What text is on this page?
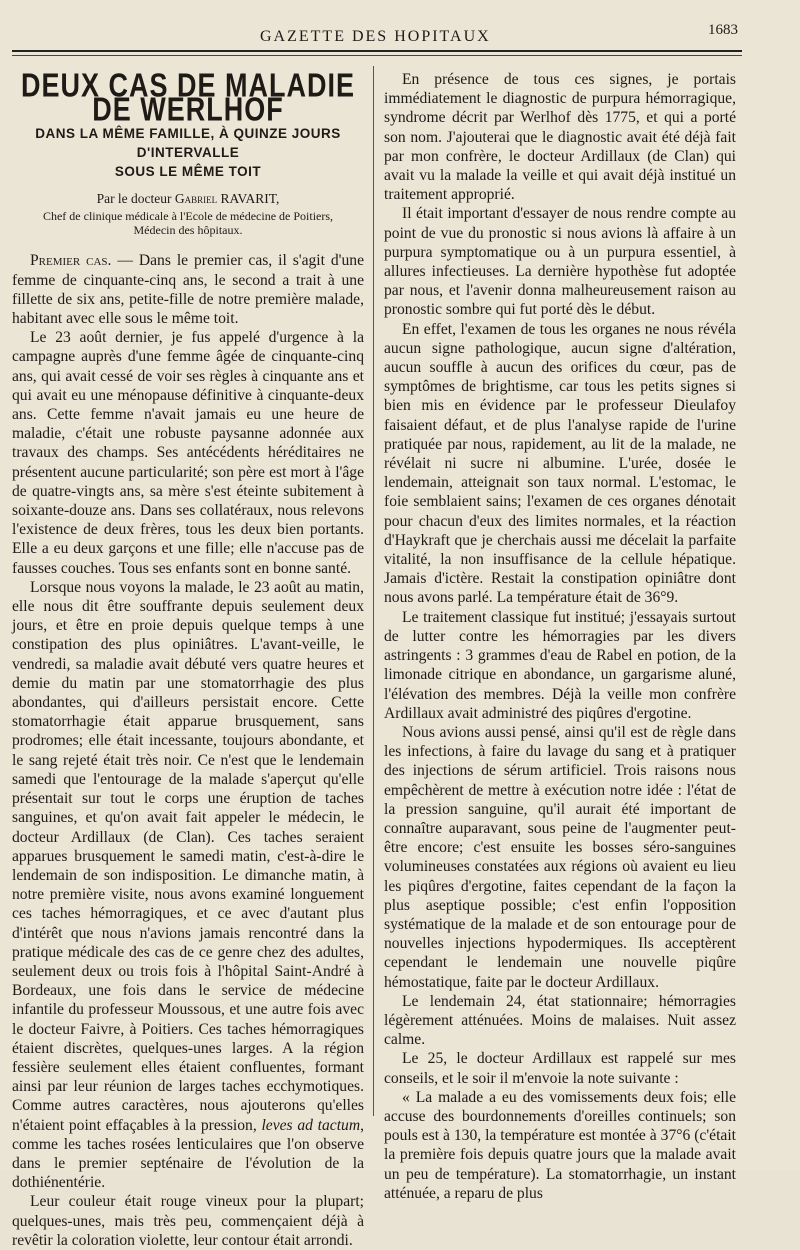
GAZETTE DES HOPITAUX	1683
DEUX CAS DE MALADIE DE WERLHOF
DANS LA MÊME FAMILLE, À QUINZE JOURS D'INTERVALLE
SOUS LE MÊME TOIT
Par le docteur Gabriel RAVARIT,
Chef de clinique médicale à l'Ecole de médecine de Poitiers,
Médecin des hôpitaux.

Premier cas. — Dans le premier cas, il s'agit d'une femme de cinquante-cinq ans, le second a trait à une fillette de six ans, petite-fille de notre première malade, habitant avec elle sous le même toit.

Le 23 août dernier, je fus appelé d'urgence à la campagne auprès d'une femme âgée de cinquante-cinq ans, qui avait cessé de voir ses règles à cinquante ans et qui avait eu une ménopause définitive à cinquante-deux ans. Cette femme n'avait jamais eu une heure de maladie, c'était une robuste paysanne adonnée aux travaux des champs. Ses antécédents héréditaires ne présentent aucune particularité; son père est mort à l'âge de quatre-vingts ans, sa mère s'est éteinte subitement à soixante-douze ans. Dans ses collatéraux, nous relevons l'existence de deux frères, tous les deux bien portants. Elle a eu deux garçons et une fille; elle n'accuse pas de fausses couches. Tous ses enfants sont en bonne santé.

Lorsque nous voyons la malade, le 23 août au matin, elle nous dit être souffrante depuis seulement deux jours, et être en proie depuis quelque temps à une constipation des plus opiniâtres. L'avant-veille, le vendredi, sa maladie avait débuté vers quatre heures et demie du matin par une stomatorrhagie des plus abondantes, qui d'ailleurs persistait encore. Cette stomatorrhagie était apparue brusquement, sans prodromes; elle était incessante, toujours abondante, et le sang rejeté était très noir. Ce n'est que le lendemain samedi que l'entourage de la malade s'aperçut qu'elle présentait sur tout le corps une éruption de taches sanguines, et qu'on avait fait appeler le médecin, le docteur Ardillaux (de Clan). Ces taches seraient apparues brusquement le samedi matin, c'est-à-dire le lendemain de son indisposition. Le dimanche matin, à notre première visite, nous avons examiné longuement ces taches hémorragiques, et ce avec d'autant plus d'intérêt que nous n'avions jamais rencontré dans la pratique médicale des cas de ce genre chez des adultes, seulement deux ou trois fois à l'hôpital Saint-André à Bordeaux, une fois dans le service de médecine infantile du professeur Moussous, et une autre fois avec le docteur Faivre, à Poitiers. Ces taches hémorragiques étaient discrètes, quelques-unes larges. A la région fessière seulement elles étaient confluentes, formant ainsi par leur réunion de larges taches ecchymotiques. Comme autres caractères, nous ajouterons qu'elles n'étaient point effaçables à la pression, leves ad tactum, comme les taches rosées lenticulaires que l'on observe dans le premier septénaire de l'évolution de la dothiénentérie.

Leur couleur était rouge vineux pour la plupart; quelques-unes, mais très peu, commençaient déjà à revêtir la coloration violette, leur contour était arrondi.

En présence de tous ces signes, je portais immédiatement le diagnostic de purpura hémorragique, syndrome décrit par Werlhof dès 1775, et qui a porté son nom. J'ajouterai que le diagnostic avait été déjà fait par mon confrère, le docteur Ardillaux (de Clan) qui avait vu la malade la veille et qui avait déjà institué un traitement approprié.

Il était important d'essayer de nous rendre compte au point de vue du pronostic si nous avions là affaire à un purpura symptomatique ou à un purpura essentiel, à allures infectieuses. La dernière hypothèse fut adoptée par nous, et l'avenir donna malheureusement raison au pronostic sombre qui fut porté dès le début.

En effet, l'examen de tous les organes ne nous révéla aucun signe pathologique, aucun signe d'altération, aucun souffle à aucun des orifices du cœur, pas de symptômes de brightisme, car tous les petits signes si bien mis en évidence par le professeur Dieulafoy faisaient défaut, et de plus l'analyse rapide de l'urine pratiquée par nous, rapidement, au lit de la malade, ne révélait ni sucre ni albumine. L'urée, dosée le lendemain, atteignait son taux normal. L'estomac, le foie semblaient sains; l'examen de ces organes dénotait pour chacun d'eux des limites normales, et la réaction d'Haykraft que je cherchais aussi me décelait la parfaite vitalité, la non insuffisance de la cellule hépatique. Jamais d'ictère. Restait la constipation opiniâtre dont nous avons parlé. La température était de 36°9.

Le traitement classique fut institué; j'essayais surtout de lutter contre les hémorragies par les divers astringents : 3 grammes d'eau de Rabel en potion, de la limonade citrique en abondance, un gargarisme aluné, l'élévation des membres. Déjà la veille mon confrère Ardillaux avait administré des piqûres d'ergotine.

Nous avions aussi pensé, ainsi qu'il est de règle dans les infections, à faire du lavage du sang et à pratiquer des injections de sérum artificiel. Trois raisons nous empêchèrent de mettre à exécution notre idée : l'état de la pression sanguine, qu'il aurait été important de connaître auparavant, sous peine de l'augmenter peut-être encore; c'est ensuite les bosses séro-sanguines volumineuses constatées aux régions où avaient eu lieu les piqûres d'ergotine, faites cependant de la façon la plus aseptique possible; c'est enfin l'opposition systématique de la malade et de son entourage pour de nouvelles injections hypodermiques. Ils acceptèrent cependant le lendemain une nouvelle piqûre hémostatique, faite par le docteur Ardillaux.

Le lendemain 24, état stationnaire; hémorragies légèrement atténuées. Moins de malaises. Nuit assez calme.

Le 25, le docteur Ardillaux est rappelé sur mes conseils, et le soir il m'envoie la note suivante :

« La malade a eu des vomissements deux fois; elle accuse des bourdonnements d'oreilles continuels; son pouls est à 130, la température est montée à 37°6 (c'était la première fois depuis quatre jours que la malade avait un peu de température). La stomatorrhagie, un instant atténuée, a reparu de plus
